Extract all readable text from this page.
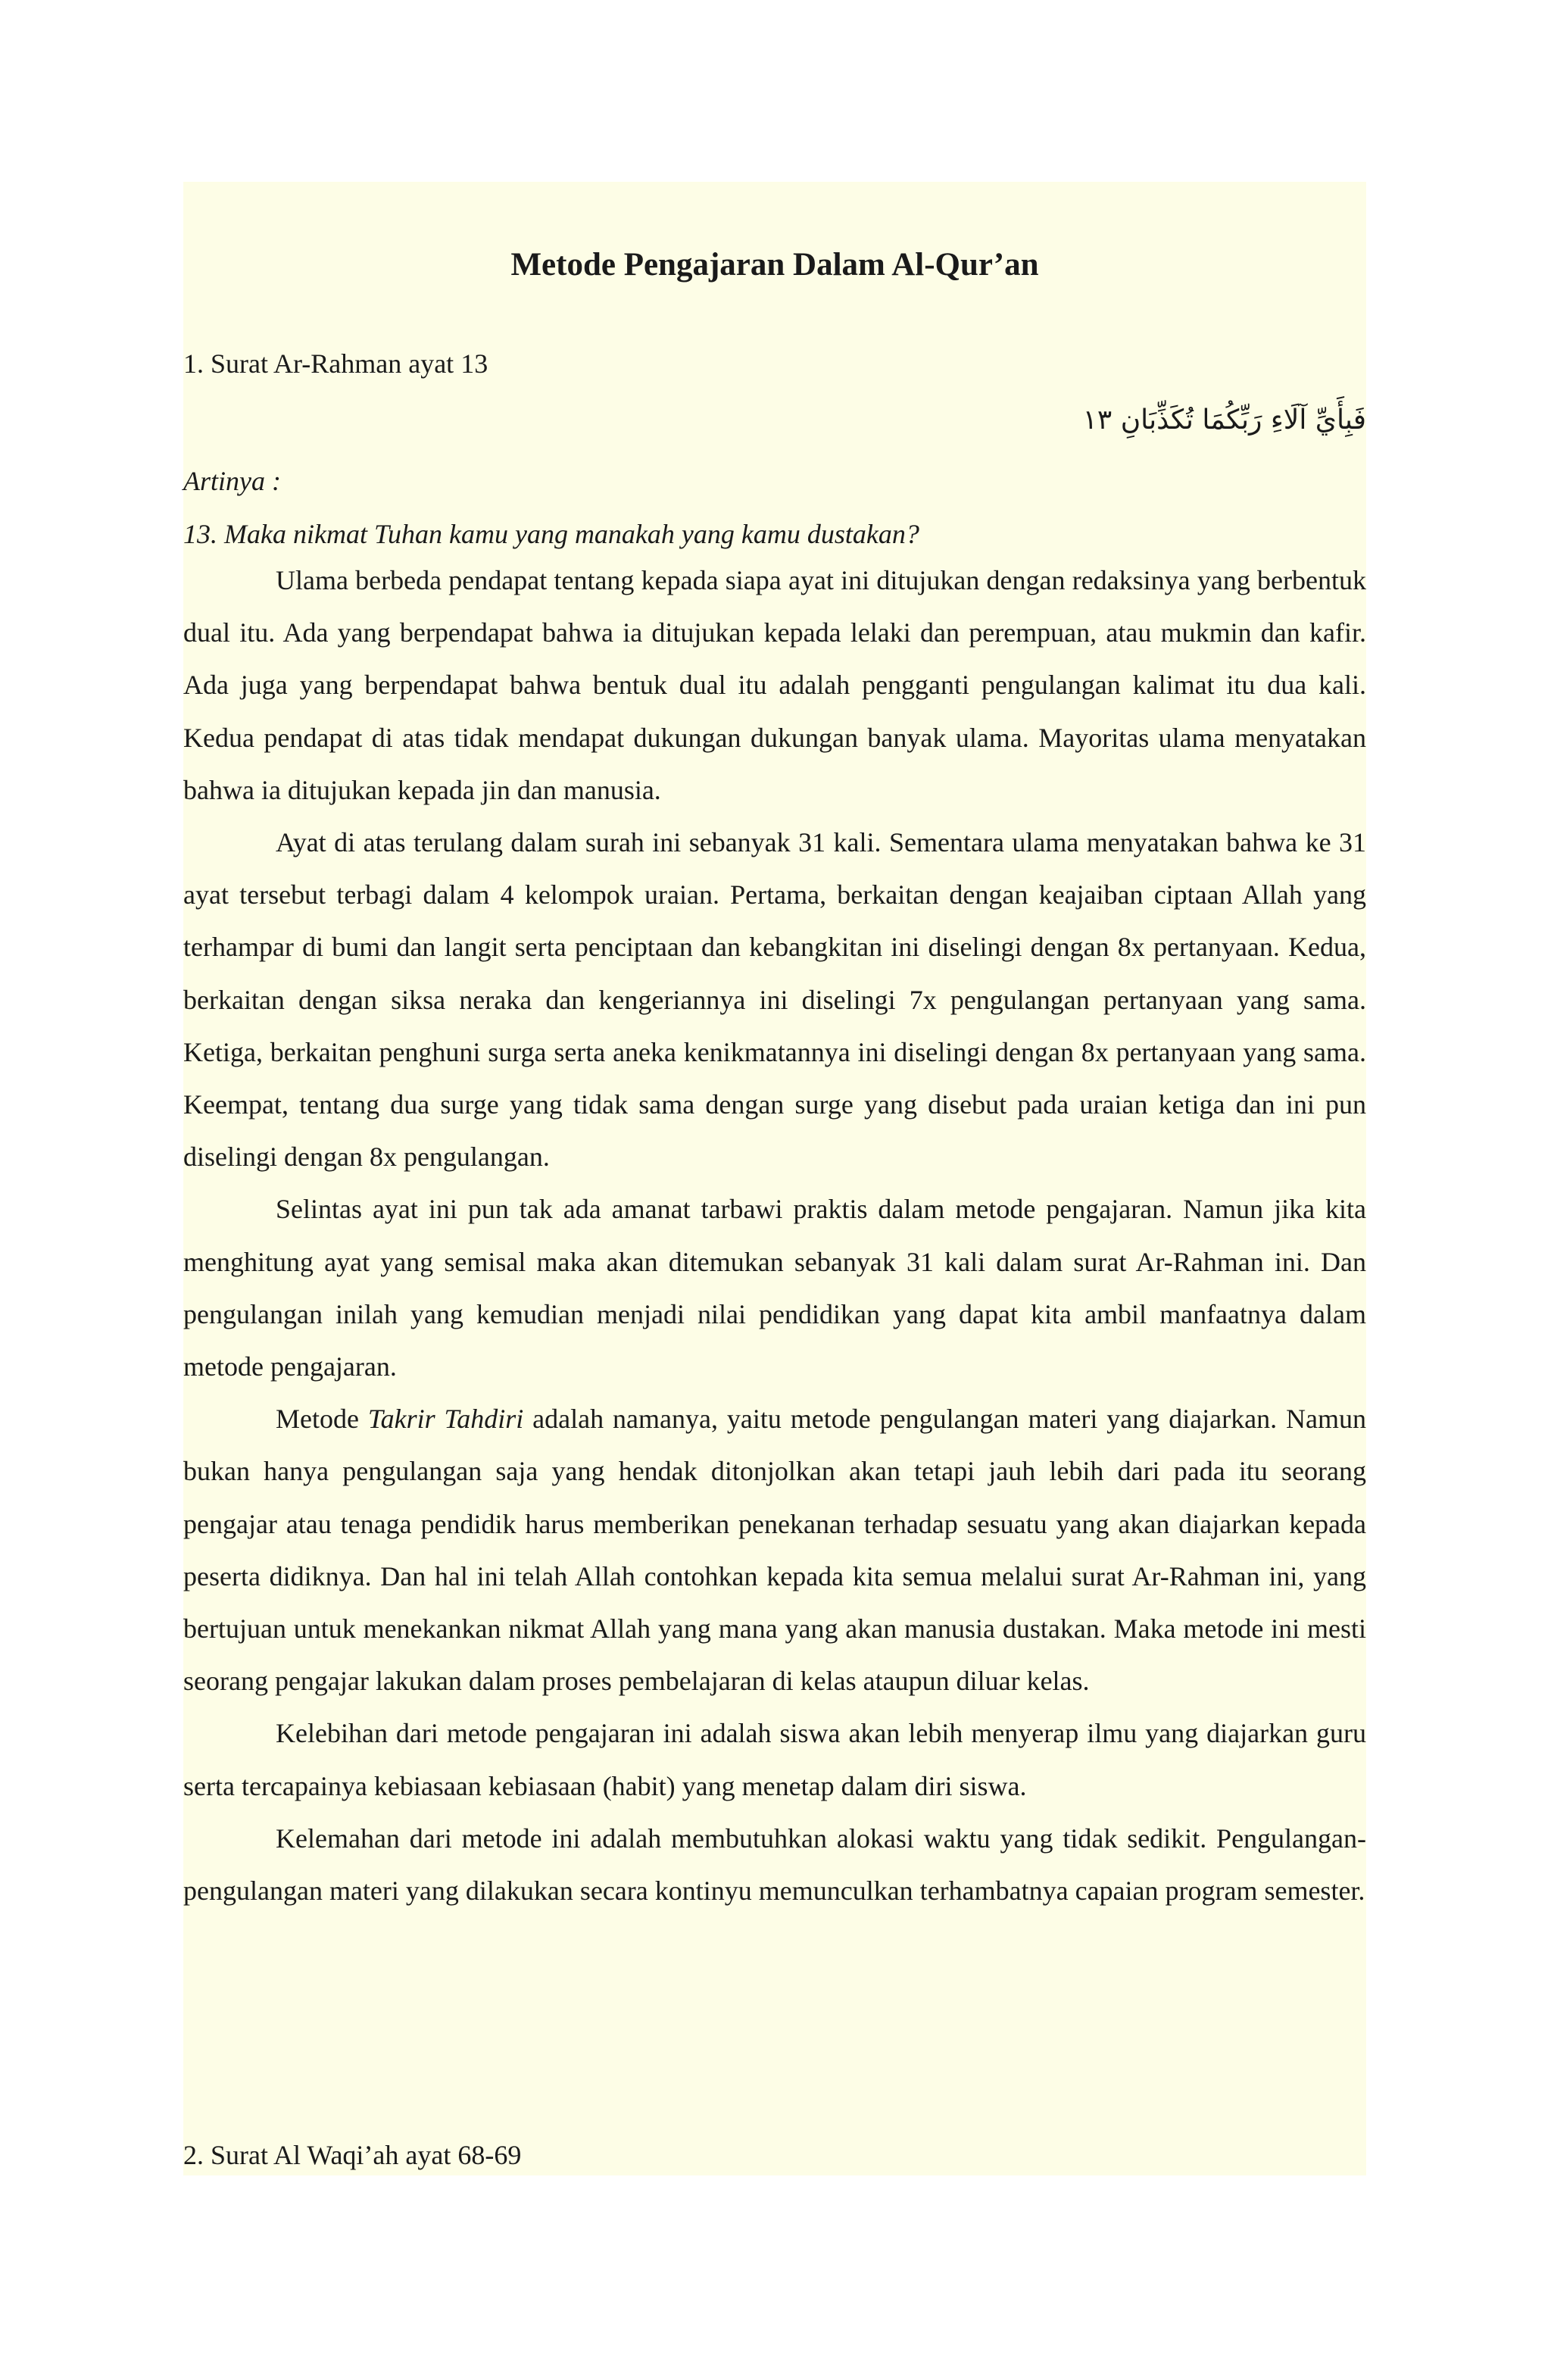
Metode Pengajaran Dalam Al-Qur’an
1. Surat Ar-Rahman ayat 13
فَبِأَيِّ آلَاءِ رَبِّكُمَا تُكَذِّبَانِ ١٣
Artinya :
13. Maka nikmat Tuhan kamu yang manakah yang kamu dustakan?

Ulama berbeda pendapat tentang kepada siapa ayat ini ditujukan dengan redaksinya yang berbentuk dual itu. Ada yang berpendapat bahwa ia ditujukan kepada lelaki dan perempuan, atau mukmin dan kafir. Ada juga yang berpendapat bahwa bentuk dual itu adalah pengganti pengulangan kalimat itu dua kali. Kedua pendapat di atas tidak mendapat dukungan dukungan banyak ulama. Mayoritas ulama menyatakan bahwa ia ditujukan kepada jin dan manusia.

Ayat di atas terulang dalam surah ini sebanyak 31 kali. Sementara ulama menyatakan bahwa ke 31 ayat tersebut terbagi dalam 4 kelompok uraian. Pertama, berkaitan dengan keajaiban ciptaan Allah yang terhampar di bumi dan langit serta penciptaan dan kebangkitan ini diselingi dengan 8x pertanyaan. Kedua, berkaitan dengan siksa neraka dan kengeriannya ini diselingi 7x pengulangan pertanyaan yang sama. Ketiga, berkaitan penghuni surga serta aneka kenikmatannya ini diselingi dengan 8x pertanyaan yang sama. Keempat, tentang dua surge yang tidak sama dengan surge yang disebut pada uraian ketiga dan ini pun diselingi dengan 8x pengulangan.

Selintas ayat ini pun tak ada amanat tarbawi praktis dalam metode pengajaran. Namun jika kita menghitung ayat yang semisal maka akan ditemukan sebanyak 31 kali dalam surat Ar-Rahman ini. Dan pengulangan inilah yang kemudian menjadi nilai pendidikan yang dapat kita ambil manfaatnya dalam metode pengajaran.

Metode Takrir Tahdiri adalah namanya, yaitu metode pengulangan materi yang diajarkan. Namun bukan hanya pengulangan saja yang hendak ditonjolkan akan tetapi jauh lebih dari pada itu seorang pengajar atau tenaga pendidik harus memberikan penekanan terhadap sesuatu yang akan diajarkan kepada peserta didiknya. Dan hal ini telah Allah contohkan kepada kita semua melalui surat Ar-Rahman ini, yang bertujuan untuk menekankan nikmat Allah yang mana yang akan manusia dustakan. Maka metode ini mesti seorang pengajar lakukan dalam proses pembelajaran di kelas ataupun diluar kelas.

Kelebihan dari metode pengajaran ini adalah siswa akan lebih menyerap ilmu yang diajarkan guru serta tercapainya kebiasaan kebiasaan (habit) yang menetap dalam diri siswa.

Kelemahan dari metode ini adalah membutuhkan alokasi waktu yang tidak sedikit. Pengulangan-pengulangan materi yang dilakukan secara kontinyu memunculkan terhambatnya capaian program semester.

2. Surat Al Waqi’ah ayat 68-69
